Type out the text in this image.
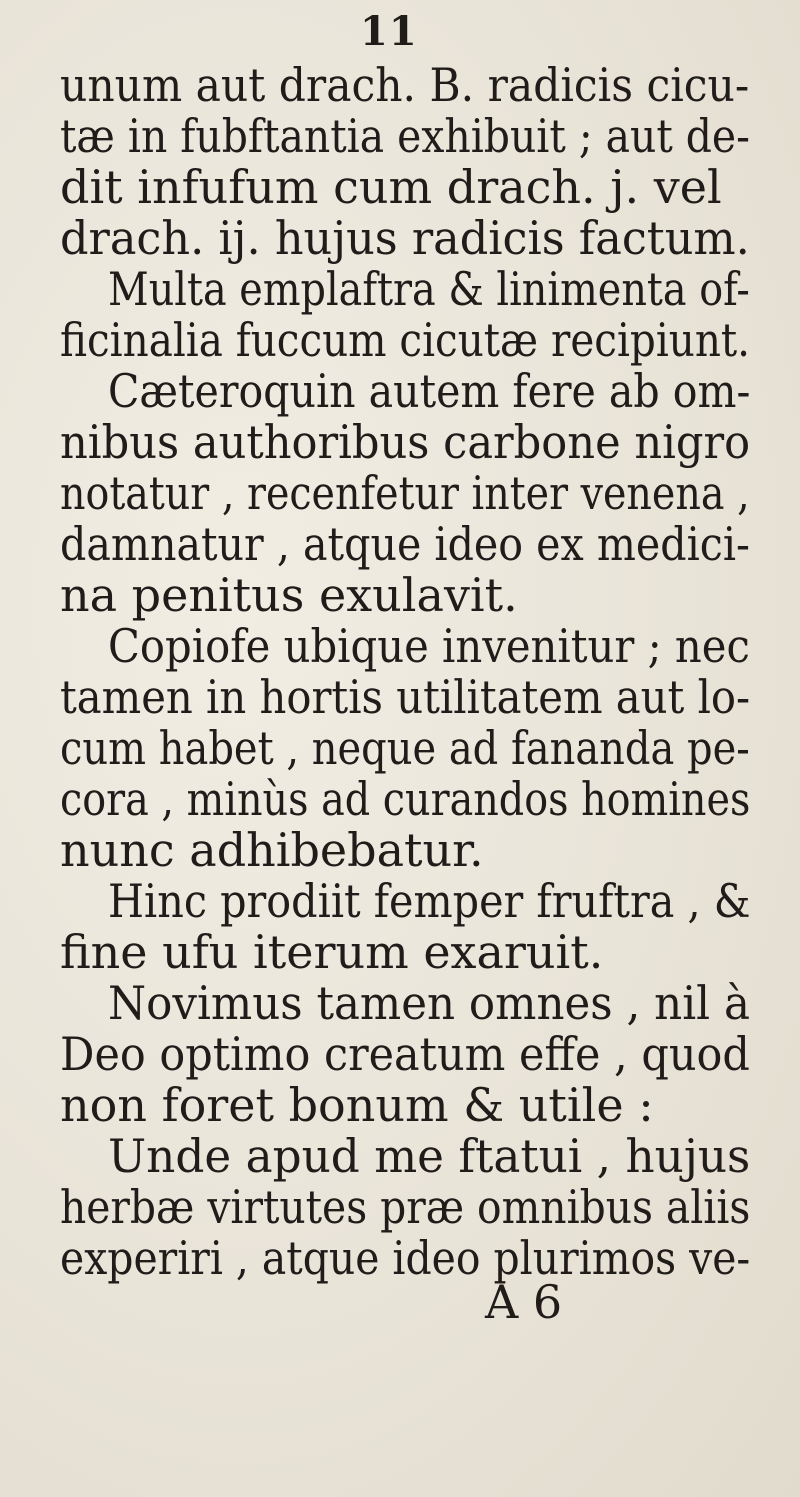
11
unum aut drach. B. radicis cicu-
tæ in fubftantia exhibuit ; aut de-
dit infufum cum drach. j. vel
drach. ij. hujus radicis factum.
Multa emplaftra & linimenta of-
ficinalia fuccum cicutæ recipiunt.
Cæteroquin autem fere ab om-
nibus authoribus carbone nigro
notatur , recenfetur inter venena ,
damnatur , atque ideo ex medici-
na penitus exulavit.
Copiofe ubique invenitur ; nec
tamen in hortis utilitatem aut lo-
cum habet , neque ad fananda pe-
cora , minùs ad curandos homines
nunc adhibebatur.
Hinc prodiit femper fruftra , &
fine ufu iterum exaruit.
Novimus tamen omnes , nil à
Deo optimo creatum effe , quod
non foret bonum & utile :
Unde apud me ftatui , hujus
herbæ virtutes præ omnibus aliis
experiri , atque ideo plurimos ve-
A 6
